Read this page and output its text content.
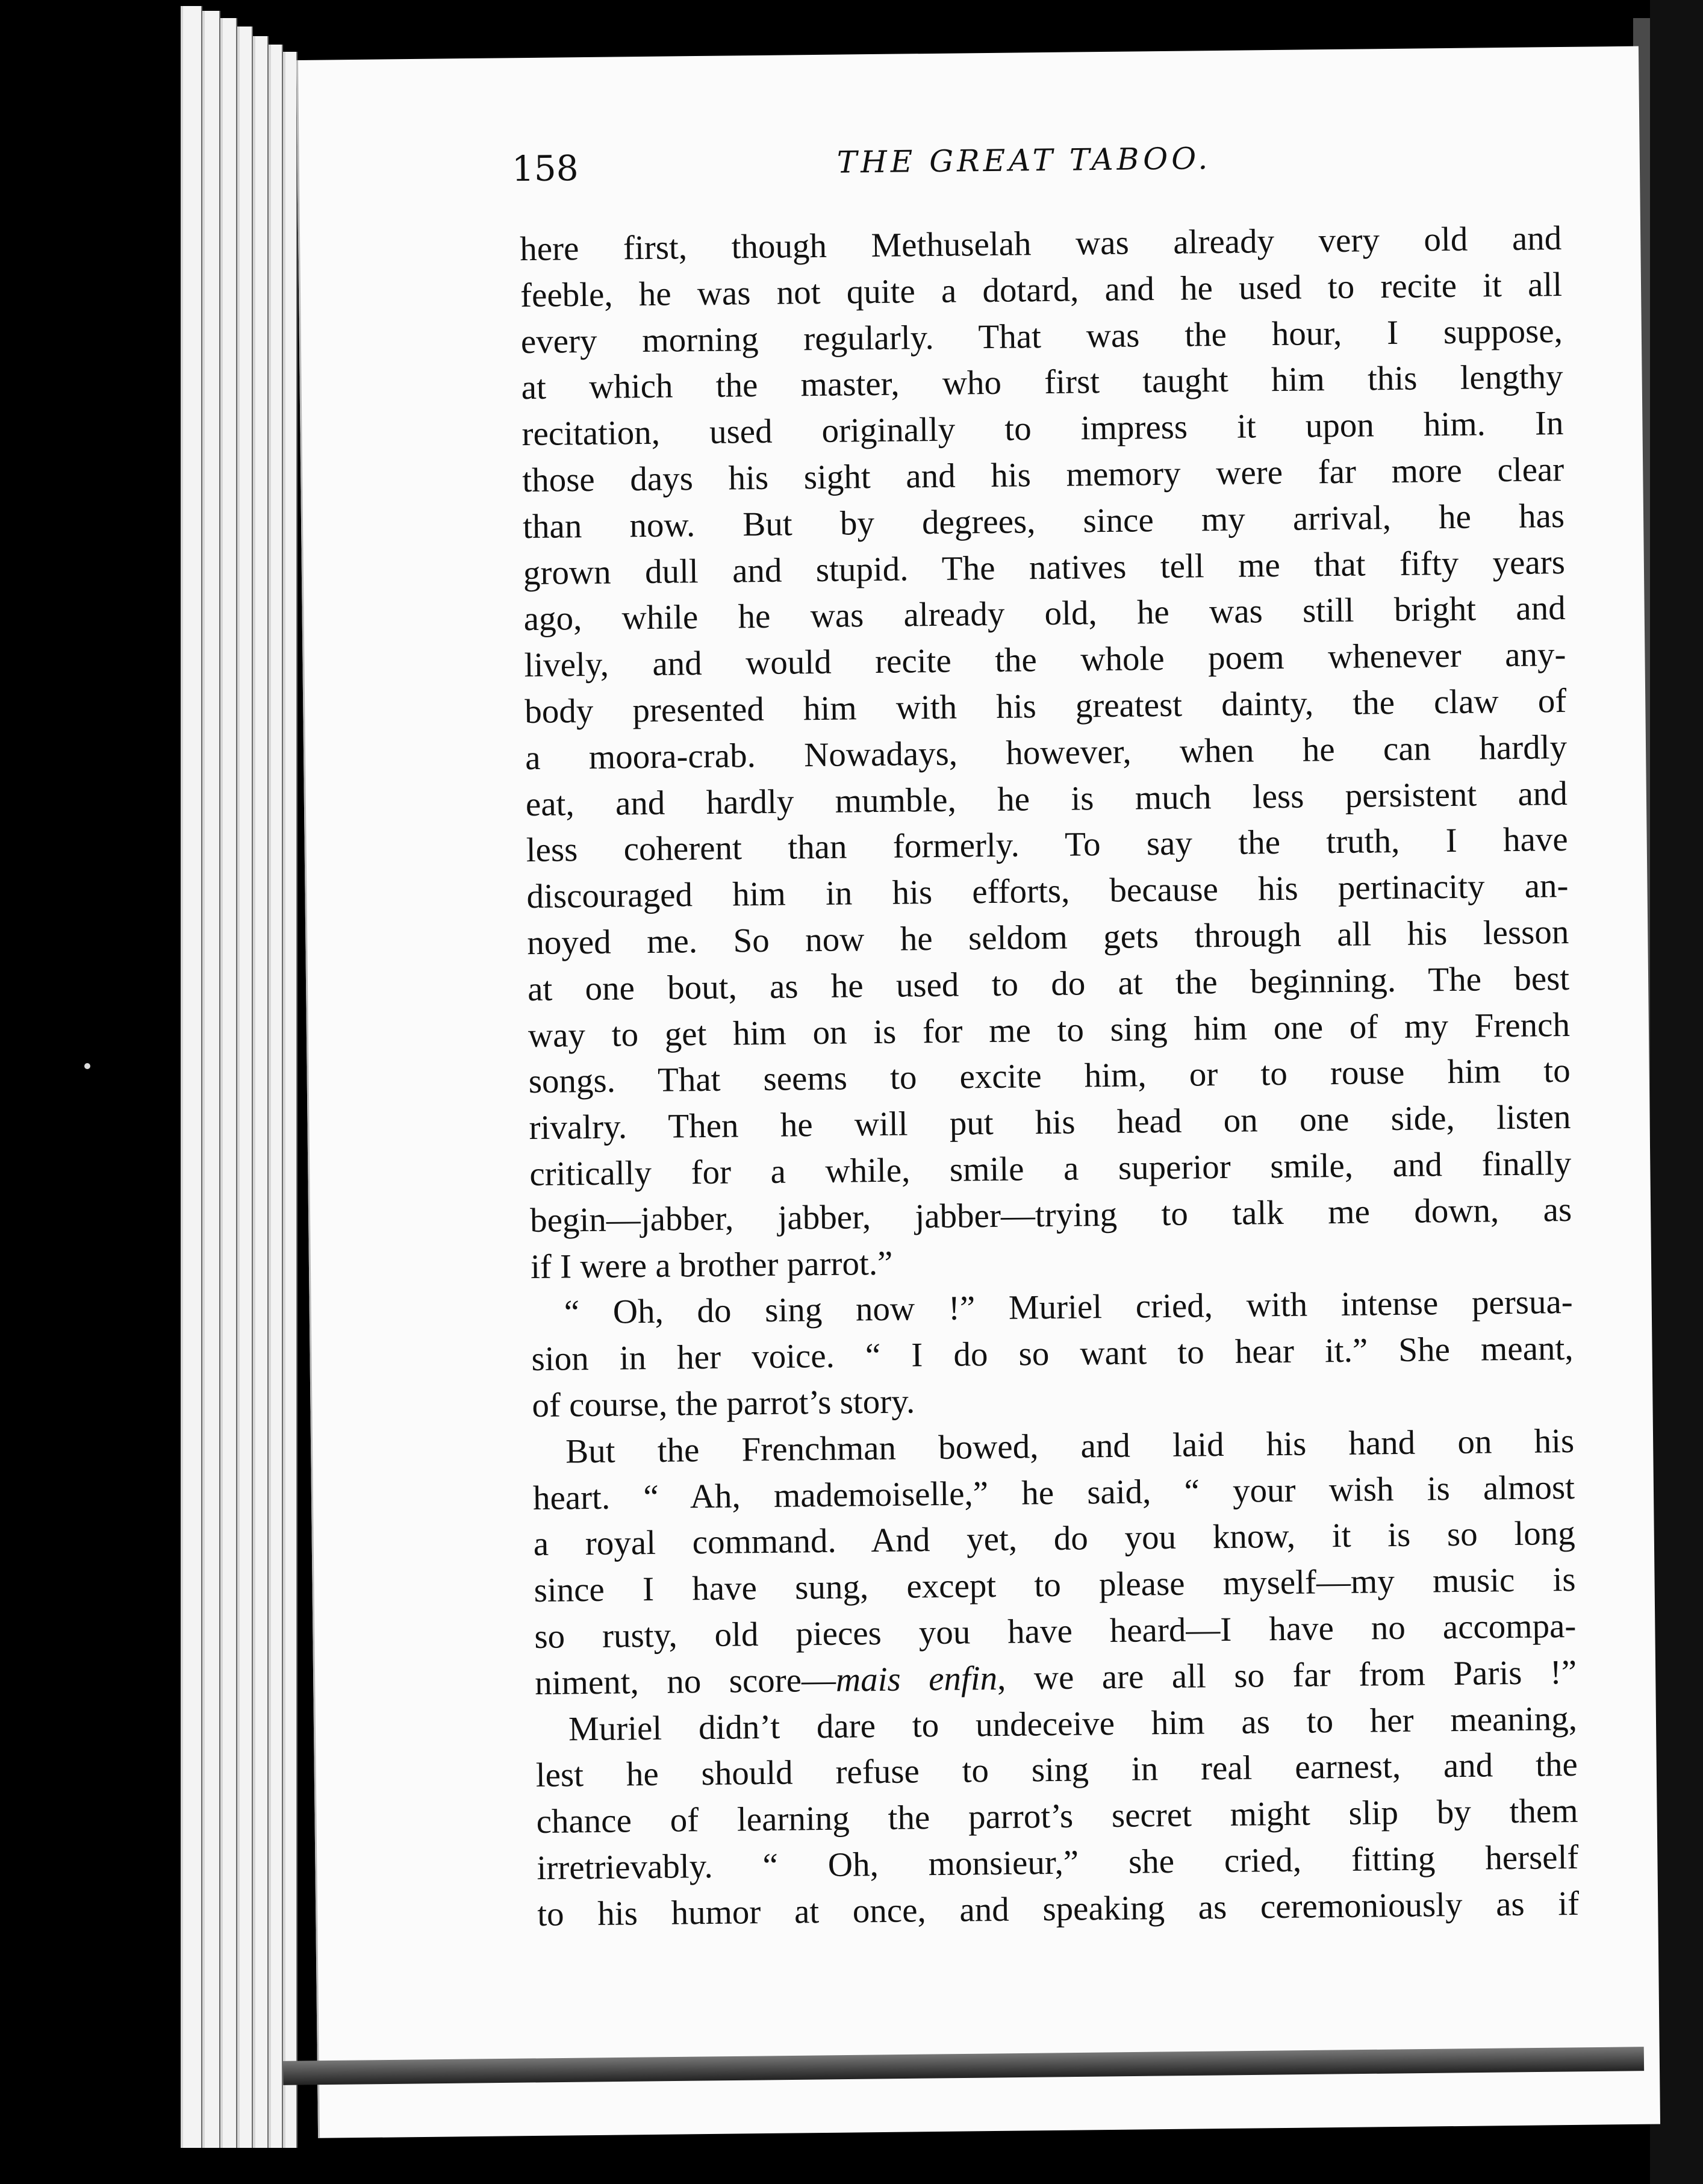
158	THE GREAT TABOO.
here first, though Methuselah was already very old and
feeble, he was not quite a dotard, and he used to recite it all
every morning regularly. That was the hour, I suppose,
at which the master, who first taught him this lengthy
recitation, used originally to impress it upon him. In
those days his sight and his memory were far more clear
than now. But by degrees, since my arrival, he has
grown dull and stupid. The natives tell me that fifty years
ago, while he was already old, he was still bright and
lively, and would recite the whole poem whenever any-
body presented him with his greatest dainty, the claw of
a moora-crab. Nowadays, however, when he can hardly
eat, and hardly mumble, he is much less persistent and
less coherent than formerly. To say the truth, I have
discouraged him in his efforts, because his pertinacity an-
noyed me. So now he seldom gets through all his lesson
at one bout, as he used to do at the beginning. The best
way to get him on is for me to sing him one of my French
songs. That seems to excite him, or to rouse him to
rivalry. Then he will put his head on one side, listen
critically for a while, smile a superior smile, and finally
begin—jabber, jabber, jabber—trying to talk me down, as
if I were a brother parrot.”
“ Oh, do sing now !” Muriel cried, with intense persua-
sion in her voice. “ I do so want to hear it.” She meant,
of course, the parrot’s story.
But the Frenchman bowed, and laid his hand on his
heart. “ Ah, mademoiselle,” he said, “ your wish is almost
a royal command. And yet, do you know, it is so long
since I have sung, except to please myself—my music is
so rusty, old pieces you have heard—I have no accompa-
niment, no score—mais enfin, we are all so far from Paris !”
Muriel didn’t dare to undeceive him as to her meaning,
lest he should refuse to sing in real earnest, and the
chance of learning the parrot’s secret might slip by them
irretrievably. “ Oh, monsieur,” she cried, fitting herself
to his humor at once, and speaking as ceremoniously as if
